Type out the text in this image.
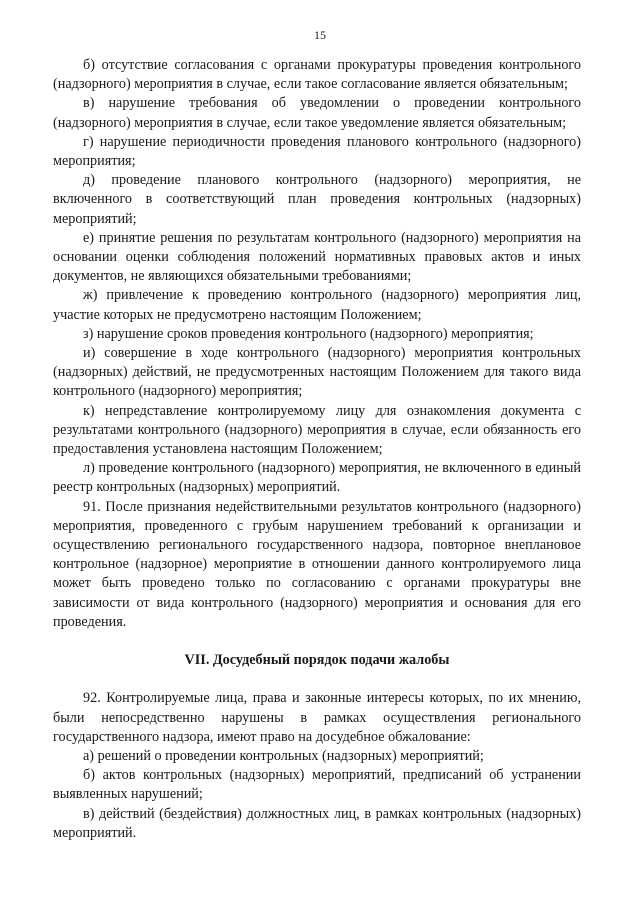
15

б) отсутствие согласования с органами прокуратуры проведения контрольного (надзорного) мероприятия в случае, если такое согласование является обязательным;

в) нарушение требования об уведомлении о проведении контрольного (надзорного) мероприятия в случае, если такое уведомление является обязательным;

г) нарушение периодичности проведения планового контрольного (надзорного) мероприятия;

д) проведение планового контрольного (надзорного) мероприятия, не включенного в соответствующий план проведения контрольных (надзорных) мероприятий;

е) принятие решения по результатам контрольного (надзорного) мероприятия на основании оценки соблюдения положений нормативных правовых актов и иных документов, не являющихся обязательными требованиями;

ж) привлечение к проведению контрольного (надзорного) мероприятия лиц, участие которых не предусмотрено настоящим Положением;

з) нарушение сроков проведения контрольного (надзорного) мероприятия;

и) совершение в ходе контрольного (надзорного) мероприятия контрольных (надзорных) действий, не предусмотренных настоящим Положением для такого вида контрольного (надзорного) мероприятия;

к) непредставление контролируемому лицу для ознакомления документа с результатами контрольного (надзорного) мероприятия в случае, если обязанность его предоставления установлена настоящим Положением;

л) проведение контрольного (надзорного) мероприятия, не включенного в единый реестр контрольных (надзорных) мероприятий.

91. После признания недействительными результатов контрольного (надзорного) мероприятия, проведенного с грубым нарушением требований к организации и осуществлению регионального государственного надзора, повторное внеплановое контрольное (надзорное) мероприятие в отношении данного контролируемого лица может быть проведено только по согласованию с органами прокуратуры вне зависимости от вида контрольного (надзорного) мероприятия и основания для его проведения.

VII. Досудебный порядок подачи жалобы

92. Контролируемые лица, права и законные интересы которых, по их мнению, были непосредственно нарушены в рамках осуществления регионального государственного надзора, имеют право на досудебное обжалование:

а) решений о проведении контрольных (надзорных) мероприятий;

б) актов контрольных (надзорных) мероприятий, предписаний об устранении выявленных нарушений;

в) действий (бездействия) должностных лиц, в рамках контрольных (надзорных) мероприятий.
